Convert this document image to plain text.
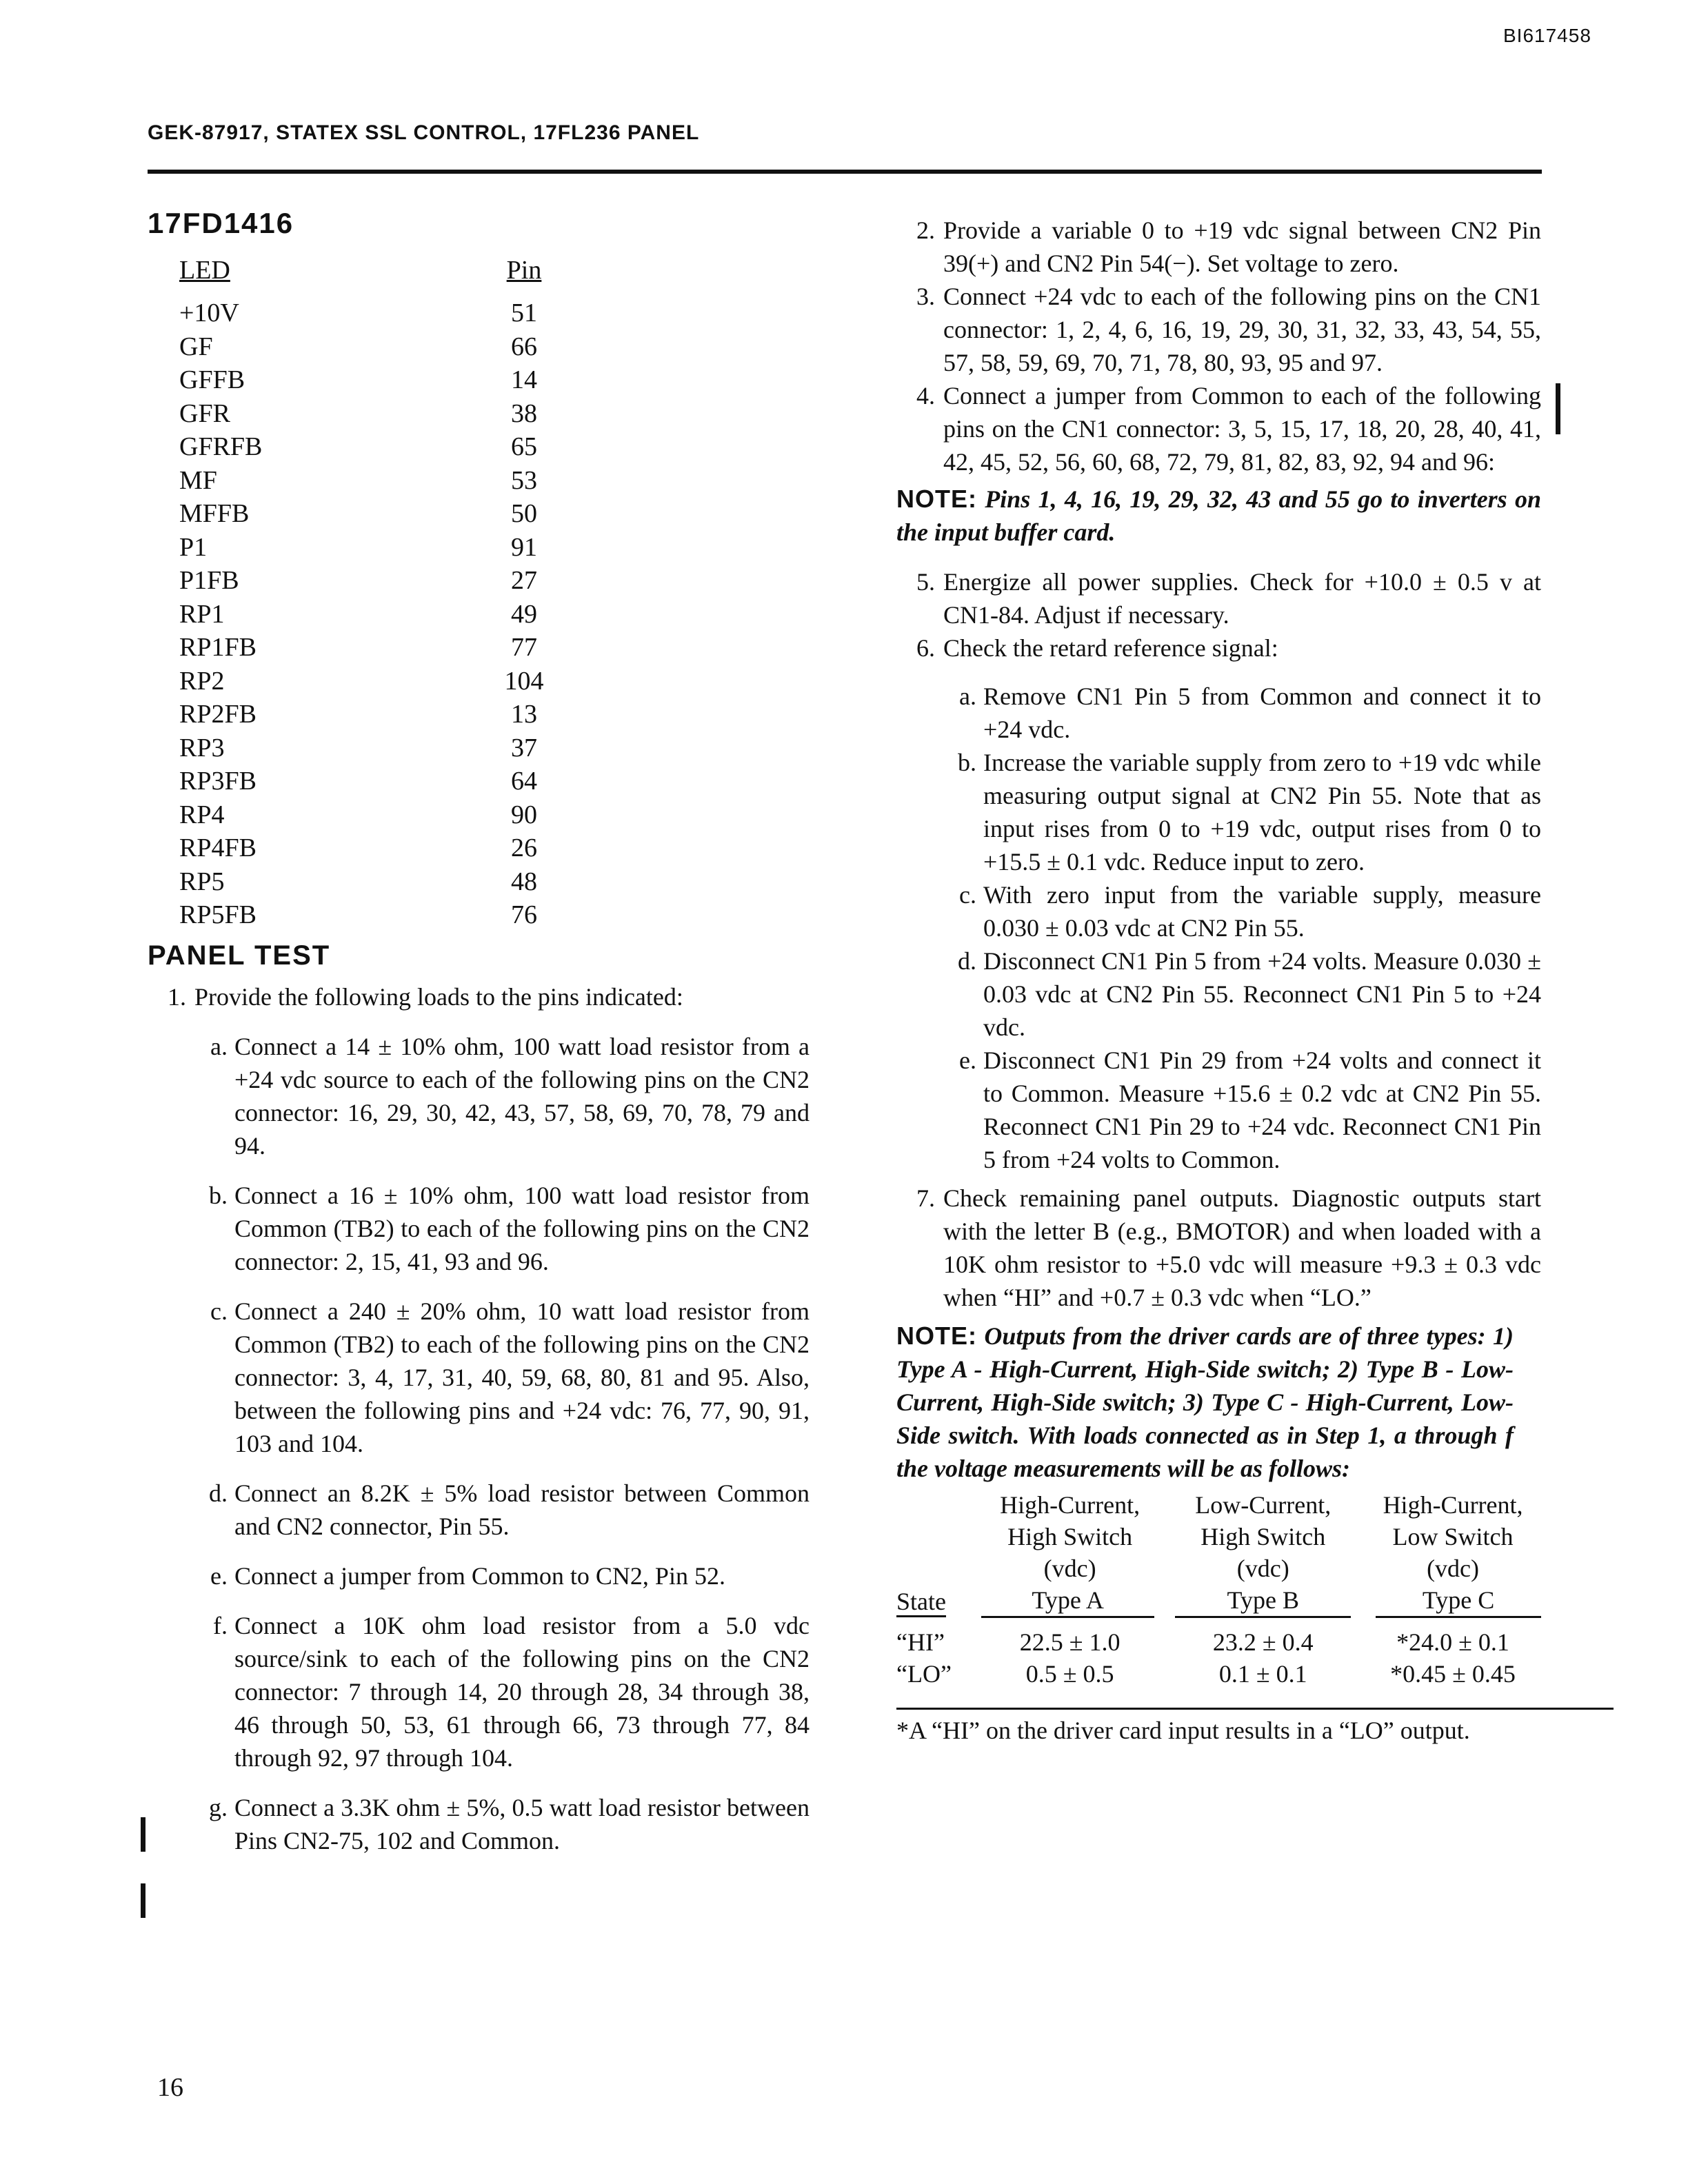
BI617458
GEK-87917, STATEX SSL CONTROL, 17FL236 PANEL
17FD1416
LED	Pin
+10V	51
GF	66
GFFB	14
GFR	38
GFRFB	65
MF	53
MFFB	50
P1	91
P1FB	27
RP1	49
RP1FB	77
RP2	104
RP2FB	13
RP3	37
RP3FB	64
RP4	90
RP4FB	26
RP5	48
RP5FB	76
PANEL TEST
1. Provide the following loads to the pins indicated:
a. Connect a 14 ± 10% ohm, 100 watt load resistor from a +24 vdc source to each of the following pins on the CN2 connector: 16, 29, 30, 42, 43, 57, 58, 69, 70, 78, 79 and 94.
b. Connect a 16 ± 10% ohm, 100 watt load resistor from Common (TB2) to each of the following pins on the CN2 connector: 2, 15, 41, 93 and 96.
c. Connect a 240 ± 20% ohm, 10 watt load resistor from Common (TB2) to each of the following pins on the CN2 connector: 3, 4, 17, 31, 40, 59, 68, 80, 81 and 95. Also, between the following pins and +24 vdc: 76, 77, 90, 91, 103 and 104.
d. Connect an 8.2K ± 5% load resistor between Common and CN2 connector, Pin 55.
e. Connect a jumper from Common to CN2, Pin 52.
f. Connect a 10K ohm load resistor from a 5.0 vdc source/sink to each of the following pins on the CN2 connector: 7 through 14, 20 through 28, 34 through 38, 46 through 50, 53, 61 through 66, 73 through 77, 84 through 92, 97 through 104.
g. Connect a 3.3K ohm ± 5%, 0.5 watt load resistor between Pins CN2-75, 102 and Common.
2. Provide a variable 0 to +19 vdc signal between CN2 Pin 39(+) and CN2 Pin 54(−). Set voltage to zero.
3. Connect +24 vdc to each of the following pins on the CN1 connector: 1, 2, 4, 6, 16, 19, 29, 30, 31, 32, 33, 43, 54, 55, 57, 58, 59, 69, 70, 71, 78, 80, 93, 95 and 97.
4. Connect a jumper from Common to each of the following pins on the CN1 connector: 3, 5, 15, 17, 18, 20, 28, 40, 41, 42, 45, 52, 56, 60, 68, 72, 79, 81, 82, 83, 92, 94 and 96:
NOTE: Pins 1, 4, 16, 19, 29, 32, 43 and 55 go to inverters on the input buffer card.
5. Energize all power supplies. Check for +10.0 ± 0.5 v at CN1-84. Adjust if necessary.
6. Check the retard reference signal:
a. Remove CN1 Pin 5 from Common and connect it to +24 vdc.
b. Increase the variable supply from zero to +19 vdc while measuring output signal at CN2 Pin 55. Note that as input rises from 0 to +19 vdc, output rises from 0 to +15.5 ± 0.1 vdc. Reduce input to zero.
c. With zero input from the variable supply, measure 0.030 ± 0.03 vdc at CN2 Pin 55.
d. Disconnect CN1 Pin 5 from +24 volts. Measure 0.030 ± 0.03 vdc at CN2 Pin 55. Reconnect CN1 Pin 5 to +24 vdc.
e. Disconnect CN1 Pin 29 from +24 volts and connect it to Common. Measure +15.6 ± 0.2 vdc at CN2 Pin 55. Reconnect CN1 Pin 29 to +24 vdc. Reconnect CN1 Pin 5 from +24 volts to Common.
7. Check remaining panel outputs. Diagnostic outputs start with the letter B (e.g., BMOTOR) and when loaded with a 10K ohm resistor to +5.0 vdc will measure +9.3 ± 0.3 vdc when “HI” and +0.7 ± 0.3 vdc when “LO.”
NOTE: Outputs from the driver cards are of three types: 1) Type A - High-Current, High-Side switch; 2) Type B - Low-Current, High-Side switch; 3) Type C - High-Current, Low-Side switch. With loads connected as in Step 1, a through f the voltage measurements will be as follows:
	High-Current,	Low-Current,	High-Current,
	High Switch	High Switch	Low Switch
	(vdc)	(vdc)	(vdc)
State	Type A	Type B	Type C

“HI”	22.5 ± 1.0	23.2 ± 0.4	*24.0 ± 0.1
“LO”	0.5 ± 0.5	0.1 ± 0.1	*0.45 ± 0.45
*A “HI” on the driver card input results in a “LO” output.
16
